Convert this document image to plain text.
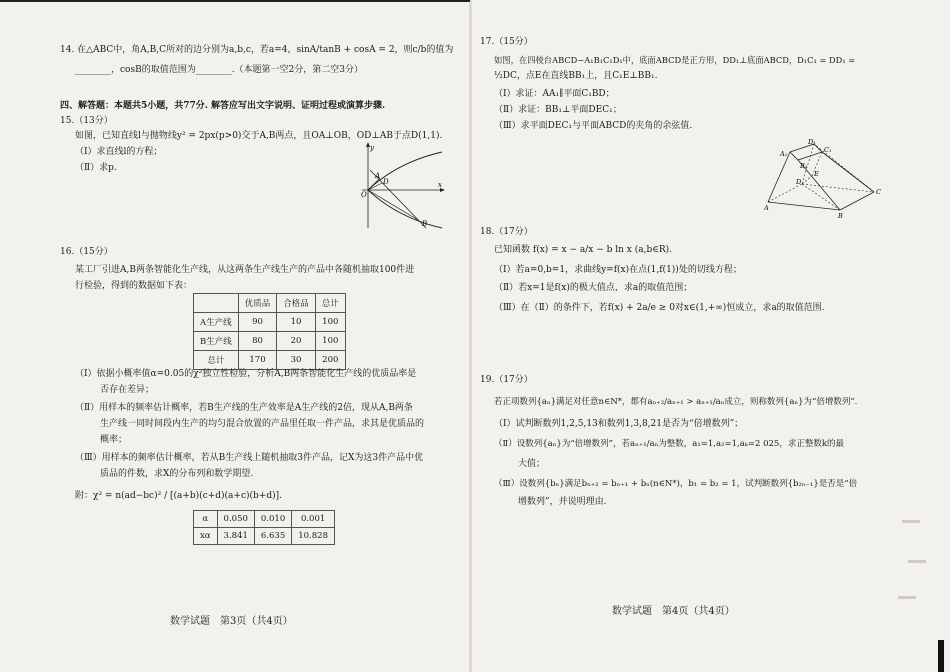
14. 在△ABC中，角A,B,C所对的边分别为a,b,c，若a=4，sinA/tanB + cosA = 2，则c/b的值为
________，cosB的取值范围为________.（本题第一空2分，第二空3分）
四、解答题：本题共5小题，共77分. 解答应写出文字说明、证明过程或演算步骤.
15.（13分）
如图，已知直线l与抛物线y² = 2px(p>0)交于A,B两点，且OA⊥OB，OD⊥AB于点D(1,1).
（Ⅰ）求直线l的方程；
（Ⅱ）求p.
y
x
O
A
D
B
16.（15分）
某工厂引进A,B两条智能化生产线，从这两条生产线生产的产品中各随机抽取100件进
行检验，得到的数据如下表：
	优质品	合格品	总计
A生产线	90	10	100
B生产线	80	20	100
总计	170	30	200
（Ⅰ）依据小概率值α=0.05的χ²独立性检验，分析A,B两条智能化生产线的优质品率是
否存在差异；
（Ⅱ）用样本的频率估计概率，若B生产线的生产效率是A生产线的2倍，现从A,B两条
生产线一同时间段内生产的均匀混合放置的产品里任取一件产品，求其是优质品的
概率；
（Ⅲ）用样本的频率估计概率，若从B生产线上随机抽取3件产品，记X为这3件产品中优
质品的件数，求X的分布列和数学期望.
附：χ² = n(ad−bc)² / [(a+b)(c+d)(a+c)(b+d)].
α	0.050	0.010	0.001
xα	3.841	6.635	10.828
数学试题　第3页（共4页）
17.（15分）
如图，在四棱台ABCD−A₁B₁C₁D₁中，底面ABCD是正方形，DD₁⊥底面ABCD，D₁C₁ = DD₁ =
½DC，点E在直线BB₁上，且C₁E⊥BB₁.
（Ⅰ）求证：AA₁∥平面C₁BD；
（Ⅱ）求证：BB₁⊥平面DEC₁；
（Ⅲ）求平面DEC₁与平面ABCD的夹角的余弦值.
D₁
C₁
A₁
B₁
E
D
C
A
B
18.（17分）
已知函数 f(x) = x − a/x − b ln x (a,b∈R).
（Ⅰ）若a=0,b=1，求曲线y=f(x)在点(1,f(1))处的切线方程；
（Ⅱ）若x=1是f(x)的极大值点，求a的取值范围；
（Ⅲ）在（Ⅱ）的条件下，若f(x) + 2a/e ≥ 0对x∈(1,+∞)恒成立，求a的取值范围.
19.（17分）
若正项数列{aₙ}满足对任意n∈N*，都有aₙ₊₂/aₙ₊₁ > aₙ₊₁/aₙ成立，则称数列{aₙ}为“倍增数列”.
（Ⅰ）试判断数列1,2,5,13和数列1,3,8,21是否为“倍增数列”；
（Ⅱ）设数列{aₙ}为“倍增数列”，若aₙ₊₁/aₙ为整数，a₁=1,a₂=1,aₖ=2 025，求正整数k的最
大值；
（Ⅲ）设数列{bₙ}满足bₙ₊₂ = bₙ₊₁ + bₙ(n∈N*)，b₁ = b₂ = 1，试判断数列{b₂ₙ₋₁}是否是“倍
增数列”，并说明理由.
数学试题　第4页（共4页）
